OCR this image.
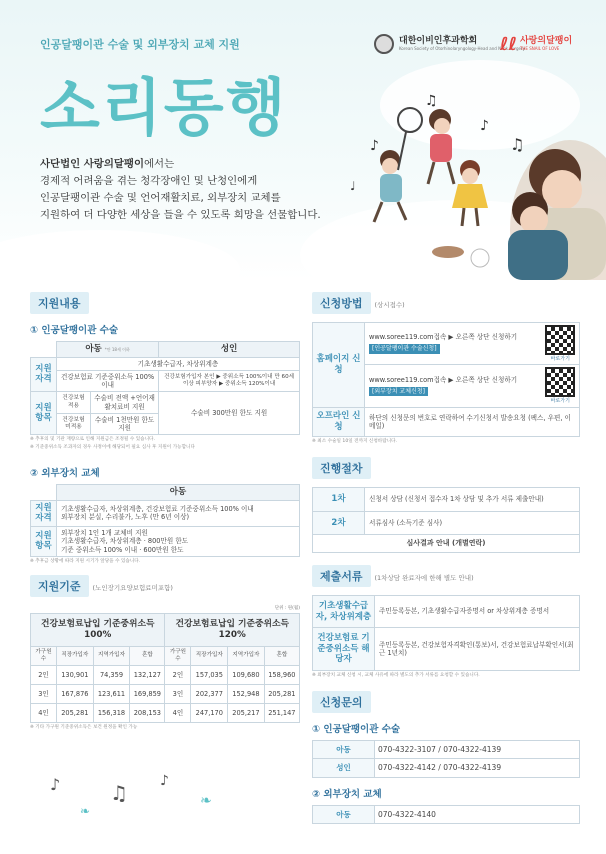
인공달팽이관 수술 및 외부장치 교체 지원
소리동행
대한이비인후과학회
Korean Society of Otorhinolaryngology-Head and Neck Surgery
ℓℓ 사랑의달팽이
THE SNAIL OF LOVE
사단법인 사랑의달팽이에서는
경제적 어려움을 겪는 청각장애인 및 난청인에게
인공달팽이관 수술 및 언어재활치료, 외부장치 교체를
지원하여 더 다양한 세상을 들을 수 있도록 희망을 선물합니다.
♪
♫
♪
♫
♩
지원내용
① 인공달팽이관 수술
	아동 *만 18세 이하		성인
지원 자격	기초생활수급자, 차상위계층		
	건강보험료 기준중위소득 100% 이내		건강보험가입자 본인 ▶ 중위소득 100%이내 만 60세 이상 피부양자 ▶ 중위소득 120%이내
지원 항목	건강보험 적용	수술비 전액 +언어재활치료비 지원	수술비 300만원 한도 지원
	건강보험 미적용	수술비 1천만원 한도 지원	
※ 추후의 및 기관 재량으로 인해 지원금은 조정될 수 있습니다.
※ 기준중위소득 조과자의 경우 사정이에 해당되어 필요 심사 후 지원이 가능합니다
② 외부장치 교체
	아동
지원 자격	기초생활수급자, 차상위계층, 건강보험료 기준중위소득 100% 이내
외부장치 분실, 수리불가, 노후 (만 6년 이상)

지원 항목	외부장치 1인 1개 교체비 지원
기초생활수급자, 차상위계층 · 800만원 한도
기준 중위소득 100% 이내 · 600만원 한도
※ 추후금 상황에 따라 지원 시기가 앞당을 수 있습니다.
지원기준	(노인장기요양보험료미포함)
단위 : 원(월)
건강보험료납입 기준중위소득 100%				건강보험료납입 기준중위소득 120%			
가구원수	직장가입자	지역가입자	혼합	가구원수	직장가입자	지역가입자	혼합
2인	130,901	74,359	132,127	2인	157,035	109,680	158,960
3인	167,876	123,611	169,859	3인	202,377	152,948	205,281
4인	205,281	156,318	208,153	4인	247,170	205,217	251,147
※ 기타 가구원 기준중위소득은 보건 원정을 확인 가능
신청방법	(상시접수)
홈페이지 신청	www.soree119.com접속 ▶ 오른쪽 상단 신청하기
[인공달팽이관 수술신청]	바로가기

	www.soree119.com접속 ▶ 오른쪽 상단 신청하기
[외부장치 교체신청]	바로가기

오프라인 신청	하단의 신청문의 번호로 연락하여 수기신청서 발송요청 (팩스, 우편, 이메일)	
※ 최소 수술일 10일 전까지 신청바랍니다.
진행절차
1차	신청서 상담 (신청서 접수자 1차 상담 및 추가 서류 제출안내)
2차	서류심사 (소득기준 심사)
심사결과 안내 (개별연락)	
제출서류	(1차상담 완료자에 한해 별도 안내)
기초생활수급자, 차상위계층	주민등록등본, 기초생활수급자증명서 or 차상위계층 증명서
건강보험료 기준중위소득 해당자	주민등록등본, 건강보험자격확인(통보)서, 건강보험료납부확인서(최근 1년치)
※ 외부장치 교체 신청 시, 교체 사유에 따라 별도의 추가 서류를 요청할 수 있습니다.
신청문의
① 인공달팽이관 수술
아동	070-4322-3107 / 070-4322-4139
성인	070-4322-4142 / 070-4322-4139
② 외부장치 교체
아동	070-4322-4140
♪ ♫ ♪
❧
❧
